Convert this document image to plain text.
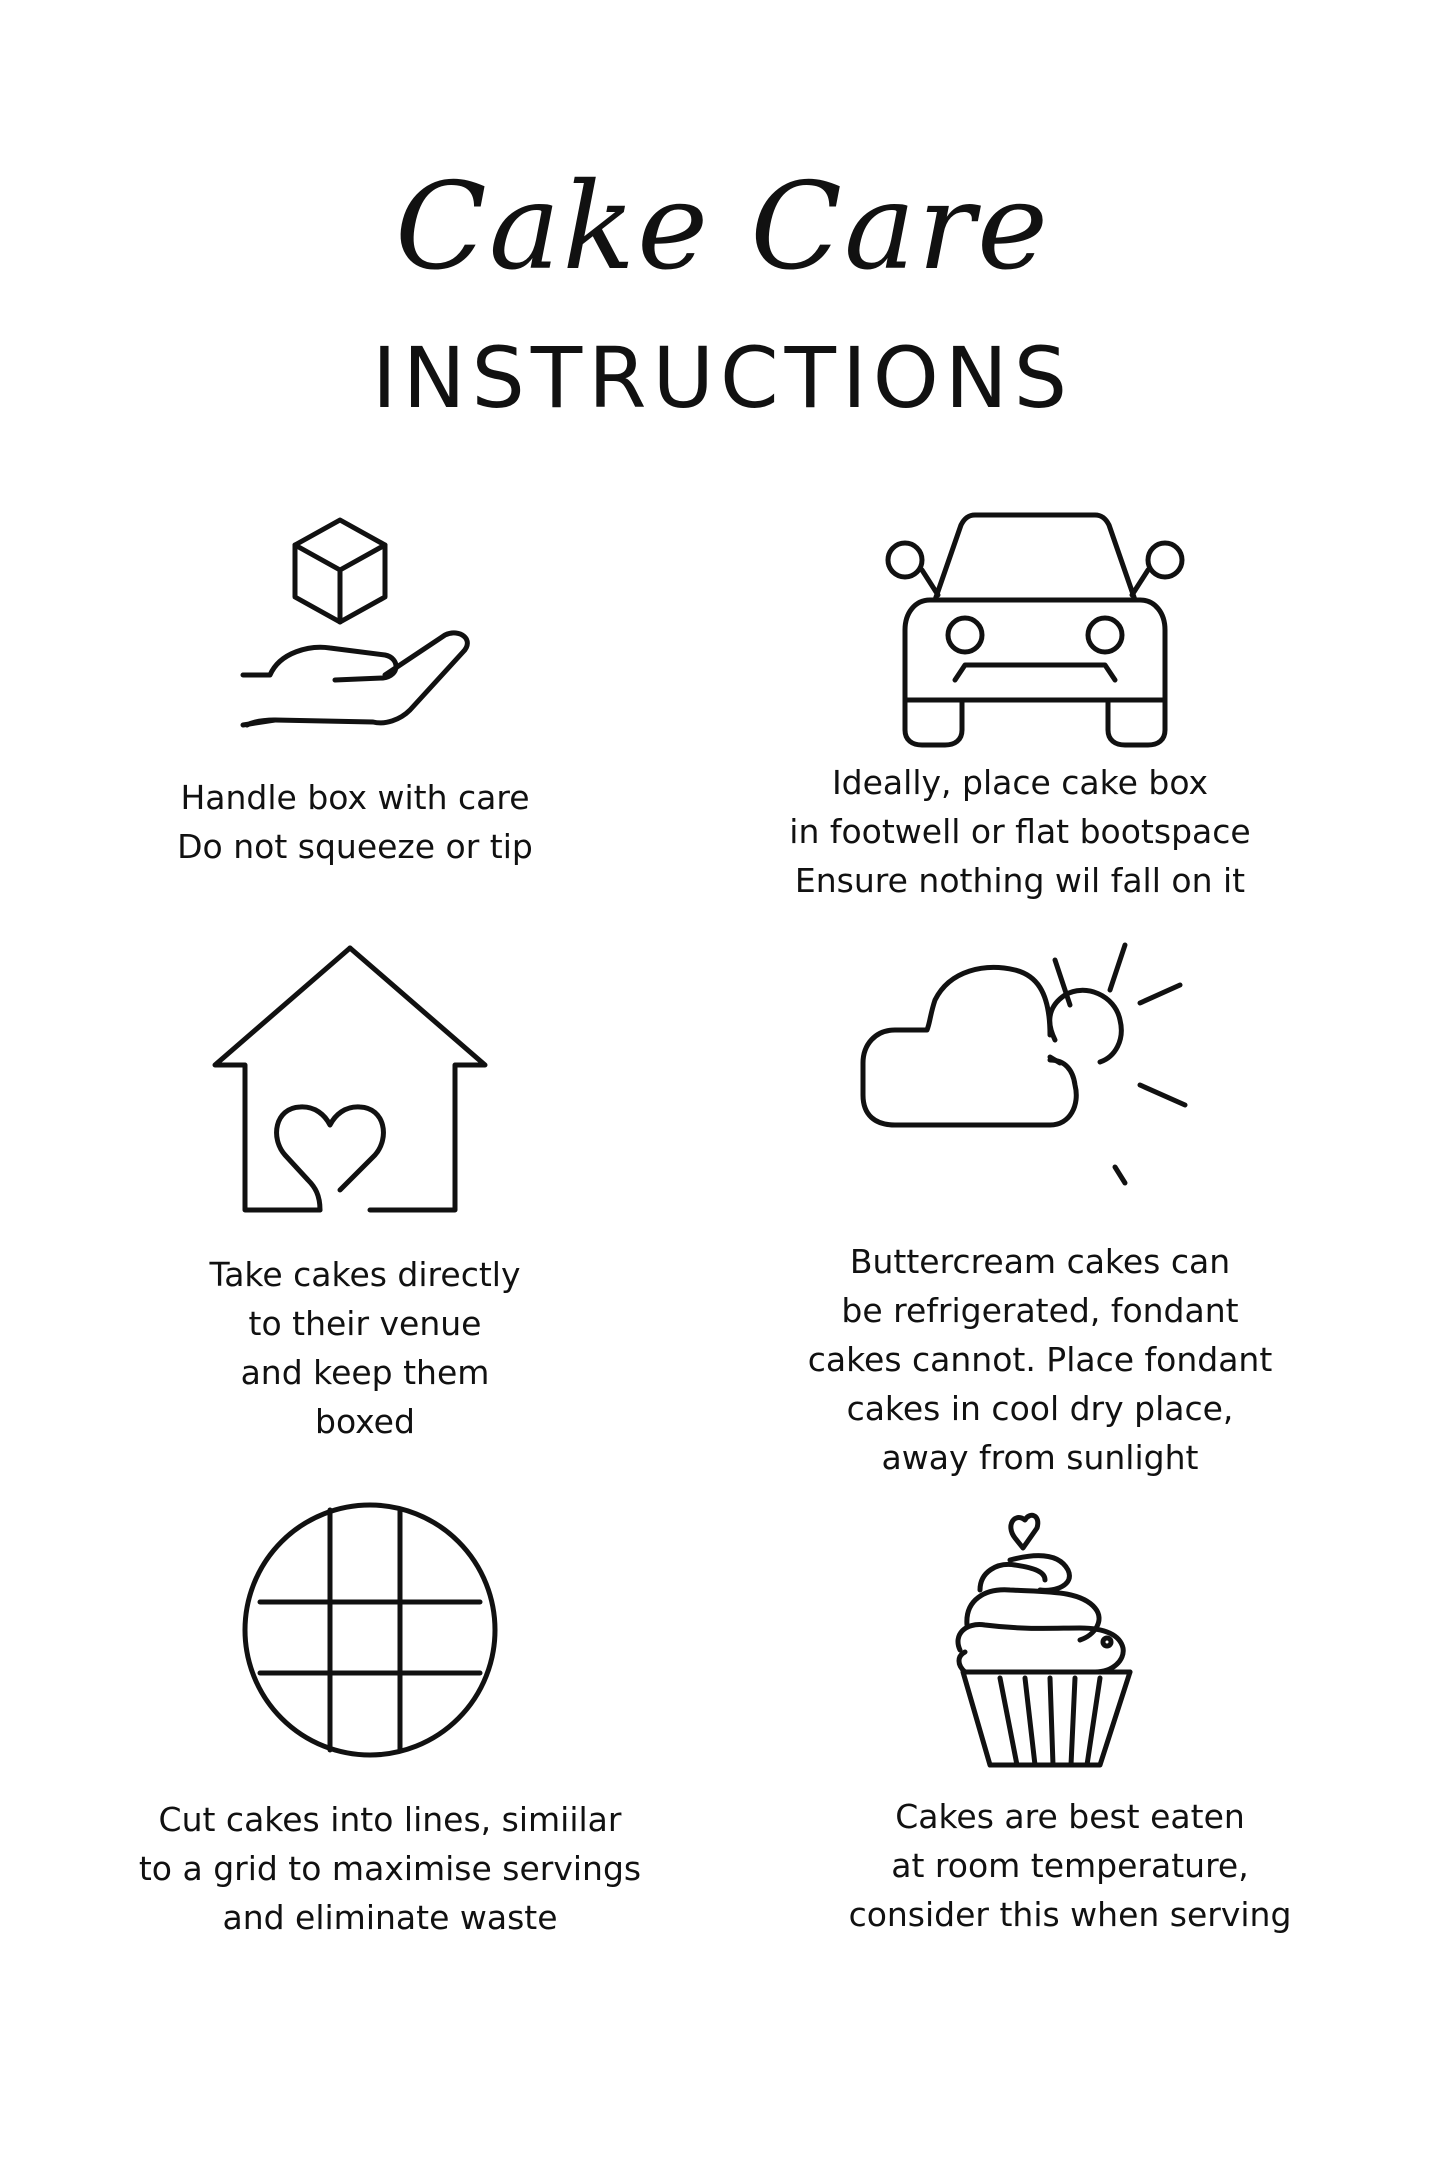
Cake Care
INSTRUCTIONS
Handle box with care
Do not squeeze or tip
Ideally, place cake box
in footwell or flat bootspace
Ensure nothing wil fall on it
Take cakes directly
to their venue
and keep them
boxed
Buttercream cakes can
be refrigerated, fondant
cakes cannot. Place fondant
cakes in cool dry place,
away from sunlight
Cut cakes into lines, simiilar
to a grid to maximise servings
and eliminate waste
Cakes are best eaten
at room temperature,
consider this when serving
